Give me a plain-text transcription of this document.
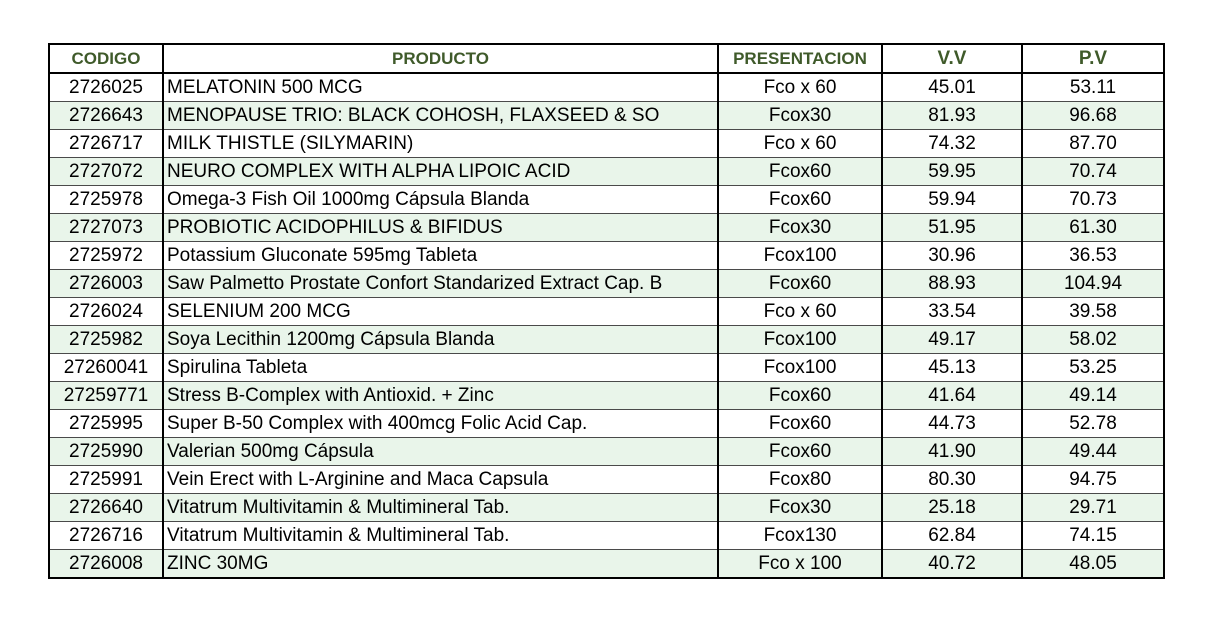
CODIGO	PRODUCTO	PRESENTACION	V.V	P.V
2726025	MELATONIN 500 MCG	Fco x 60	45.01	53.11
2726643	MENOPAUSE TRIO: BLACK COHOSH, FLAXSEED & SO	Fcox30	81.93	96.68
2726717	MILK THISTLE (SILYMARIN)	Fco x 60	74.32	87.70
2727072	NEURO COMPLEX WITH ALPHA LIPOIC ACID	Fcox60	59.95	70.74
2725978	Omega-3 Fish Oil 1000mg Cápsula Blanda	Fcox60	59.94	70.73
2727073	PROBIOTIC ACIDOPHILUS & BIFIDUS	Fcox30	51.95	61.30
2725972	Potassium Gluconate 595mg Tableta	Fcox100	30.96	36.53
2726003	Saw Palmetto Prostate Confort Standarized Extract Cap. B	Fcox60	88.93	104.94
2726024	SELENIUM 200 MCG	Fco x 60	33.54	39.58
2725982	Soya Lecithin 1200mg Cápsula Blanda	Fcox100	49.17	58.02
27260041	Spirulina Tableta	Fcox100	45.13	53.25
27259771	Stress B-Complex with Antioxid. + Zinc	Fcox60	41.64	49.14
2725995	Super B-50 Complex with 400mcg Folic Acid Cap.	Fcox60	44.73	52.78
2725990	Valerian 500mg Cápsula	Fcox60	41.90	49.44
2725991	Vein Erect with L-Arginine and Maca Capsula	Fcox80	80.30	94.75
2726640	Vitatrum Multivitamin & Multimineral Tab.	Fcox30	25.18	29.71
2726716	Vitatrum Multivitamin & Multimineral Tab.	Fcox130	62.84	74.15
2726008	ZINC 30MG	Fco x 100	40.72	48.05
